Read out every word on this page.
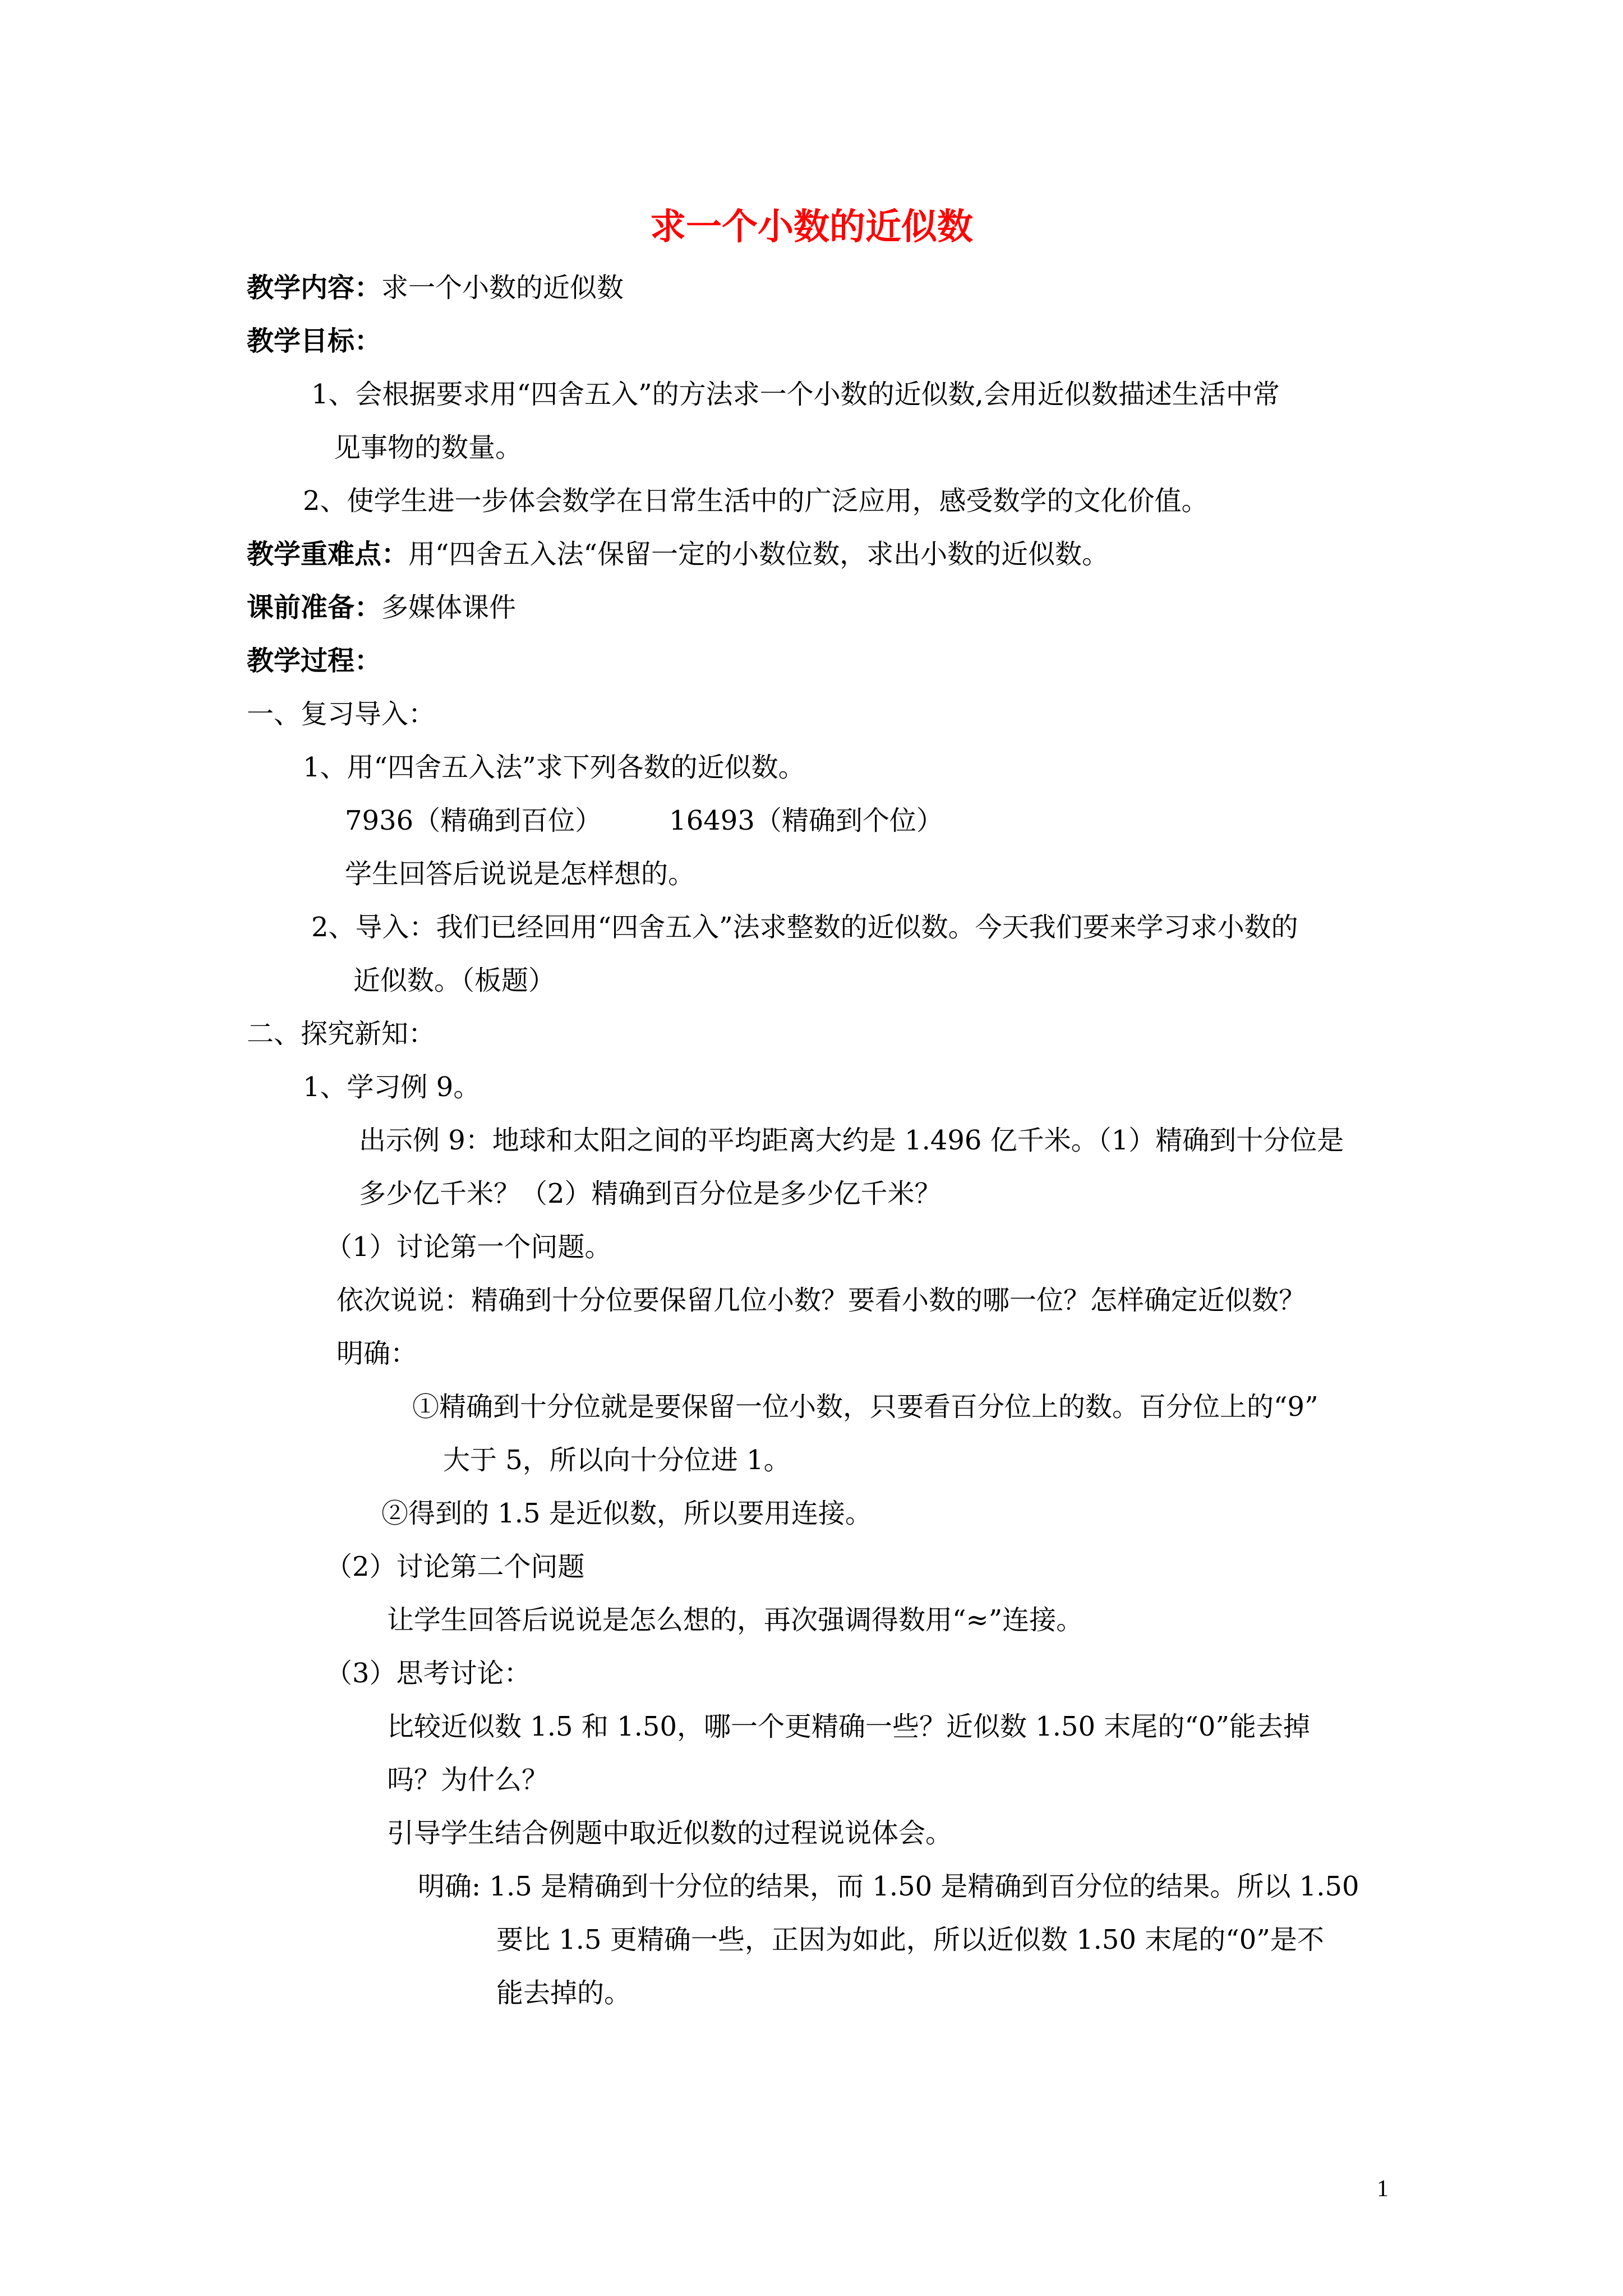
求一个小数的近似数
教学内容：求一个小数的近似数
教学目标：
1、会根据要求用“四舍五入”的方法求一个小数的近似数,会用近似数描述生活中常
见事物的数量。
2、使学生进一步体会数学在日常生活中的广泛应用，感受数学的文化价值。
教学重难点：用“四舍五入法“保留一定的小数位数，求出小数的近似数。
课前准备：多媒体课件
教学过程：
一、复习导入：
1、用“四舍五入法”求下列各数的近似数。
7936（精确到百位）	16493（精确到个位）
学生回答后说说是怎样想的。
2、导入：我们已经回用“四舍五入”法求整数的近似数。今天我们要来学习求小数的
近似数。（板题）
二、探究新知：
1、学习例 9。
出示例 9：地球和太阳之间的平均距离大约是 1.496 亿千米。（1）精确到十分位是
多少亿千米？（2）精确到百分位是多少亿千米？
（1）讨论第一个问题。
依次说说：精确到十分位要保留几位小数？要看小数的哪一位？怎样确定近似数？
明确：
①精确到十分位就是要保留一位小数，只要看百分位上的数。百分位上的“9”
大于 5，所以向十分位进 1。
②得到的 1.5 是近似数，所以要用连接。
（2）讨论第二个问题
让学生回答后说说是怎么想的，再次强调得数用“≈”连接。
（3）思考讨论：
比较近似数 1.5 和 1.50，哪一个更精确一些？近似数 1.50 末尾的“0”能去掉
吗？为什么？
引导学生结合例题中取近似数的过程说说体会。
明确: 1.5 是精确到十分位的结果，而 1.50 是精确到百分位的结果。所以 1.50
要比 1.5 更精确一些，正因为如此，所以近似数 1.50 末尾的“0”是不
能去掉的。
1
